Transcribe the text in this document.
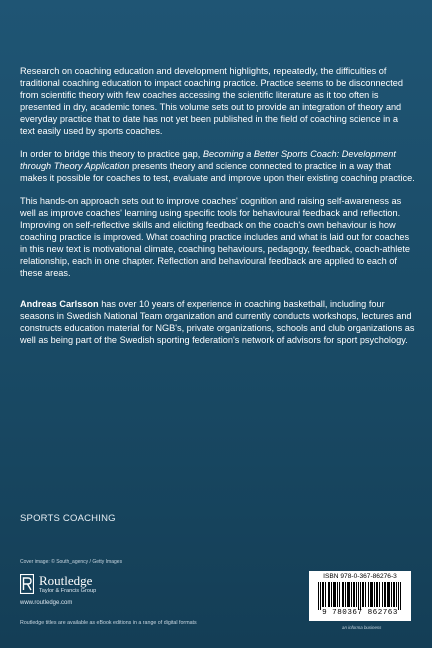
Research on coaching education and development highlights, repeatedly, the difficulties of traditional coaching education to impact coaching practice. Practice seems to be disconnected from scientific theory with few coaches accessing the scientific literature as it too often is presented in dry, academic tones. This volume sets out to provide an integration of theory and everyday practice that to date has not yet been published in the field of coaching science in a text easily used by sports coaches.

In order to bridge this theory to practice gap, Becoming a Better Sports Coach: Development through Theory Application presents theory and science connected to practice in a way that makes it possible for coaches to test, evaluate and improve upon their existing coaching practice.

This hands-on approach sets out to improve coaches' cognition and raising self-awareness as well as improve coaches' learning using specific tools for behavioural feedback and reflection. Improving on self-reflective skills and eliciting feedback on the coach's own behaviour is how coaching practice is improved. What coaching practice includes and what is laid out for coaches in this new text is motivational climate, coaching behaviours, pedagogy, feedback, coach-athlete relationship, each in one chapter. Reflection and behavioural feedback are applied to each of these areas.

Andreas Carlsson has over 10 years of experience in coaching basketball, including four seasons in Swedish National Team organization and currently conducts workshops, lectures and constructs education material for NGB's, private organizations, schools and club organizations as well as being part of the Swedish sporting federation's network of advisors for sport psychology.

SPORTS COACHING
Cover image: © South_agency / Getty Images
Routledge
Taylor & Francis Group
www.routledge.com
Routledge titles are available as eBook editions in a range of digital formats
ISBN 978-0-367-86276-3
9 780367 862763
an informa business
